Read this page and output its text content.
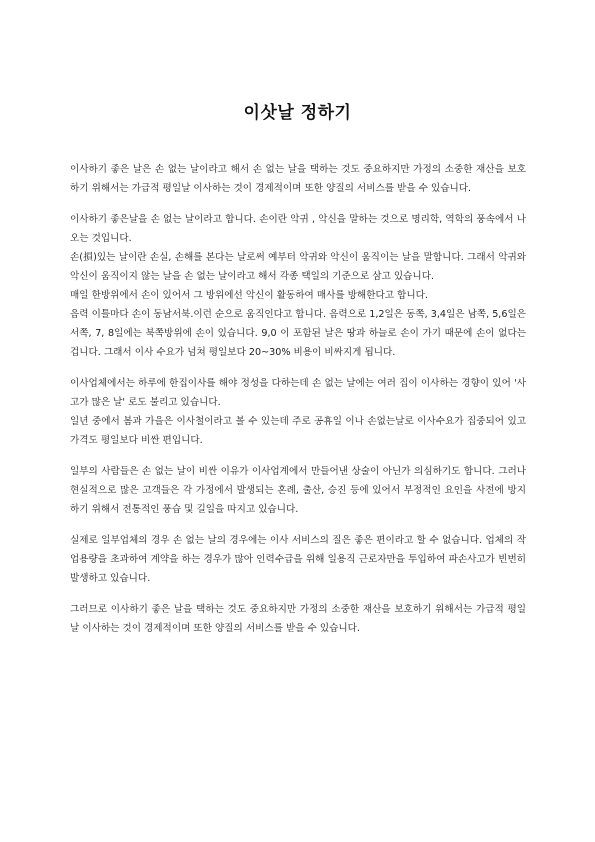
이삿날 정하기

이사하기 좋은 날은 손 없는 날이라고 해서 손 없는 날을 택하는 것도 중요하지만 가정의 소중한 재산을 보호하기 위해서는 가급적 평일날 이사하는 것이 경제적이며 또한 양질의 서비스를 받을 수 있습니다.

이사하기 좋은날을 손 없는 날이라고 합니다. 손이란 악귀 , 악신을 말하는 것으로 명리학, 역학의 풍속에서 나오는 것입니다.

손(損)있는 날이란 손실, 손해를 본다는 날로써 예부터 악귀와 악신이 움직이는 날을 말합니다. 그래서 악귀와 악신이 움직이지 않는 날을 손 없는 날이라고 해서 각종 택일의 기준으로 삼고 있습니다.

매일 한방위에서 손이 있어서 그 방위에선 악신이 활동하여 매사를 방해한다고 합니다.

음력 이틀마다 손이 동남서북.이런 순으로 움직인다고 합니다. 음력으로 1,2일은 동쪽, 3,4일은 남쪽, 5,6일은 서쪽, 7, 8일에는 북쪽방위에 손이 있습니다. 9,0 이 포함된 날은 땅과 하늘로 손이 가기 때문에 손이 없다는 겁니다. 그래서 이사 수요가 넘쳐 평일보다 20~30% 비용이 비싸지게 됩니다.

이사업체에서는 하루에 한집이사를 해야 정성을 다하는데 손 없는 날에는 여러 집이 이사하는 경향이 있어 '사고가 많은 날' 로도 불리고 있습니다.

일년 중에서 봄과 가을은 이사철이라고 볼 수 있는데 주로 공휴일 이나 손없는날로 이사수요가 집중되어 있고 가격도 평일보다 비싼 편입니다.

일부의 사람들은 손 없는 날이 비싼 이유가 이사업계에서 만들어낸 상술이 아닌가 의심하기도 합니다. 그러나 현실적으로 많은 고객들은 각 가정에서 발생되는 혼례, 출산, 승진 등에 있어서 부정적인 요인을 사전에 방지하기 위해서 전통적인 풍습 및 길일을 따지고 있습니다.

실제로 일부업체의 경우 손 없는 날의 경우에는 이사 서비스의 질은 좋은 편이라고 할 수 없습니다. 업체의 작업용량을 초과하여 계약을 하는 경우가 많아 인력수급을 위해 일용직 근로자만을 투입하여 파손사고가 빈번히 발생하고 있습니다.

그러므로 이사하기 좋은 날을 택하는 것도 중요하지만 가정의 소중한 재산을 보호하기 위해서는 가급적 평일날 이사하는 것이 경제적이며 또한 양질의 서비스를 받을 수 있습니다.
